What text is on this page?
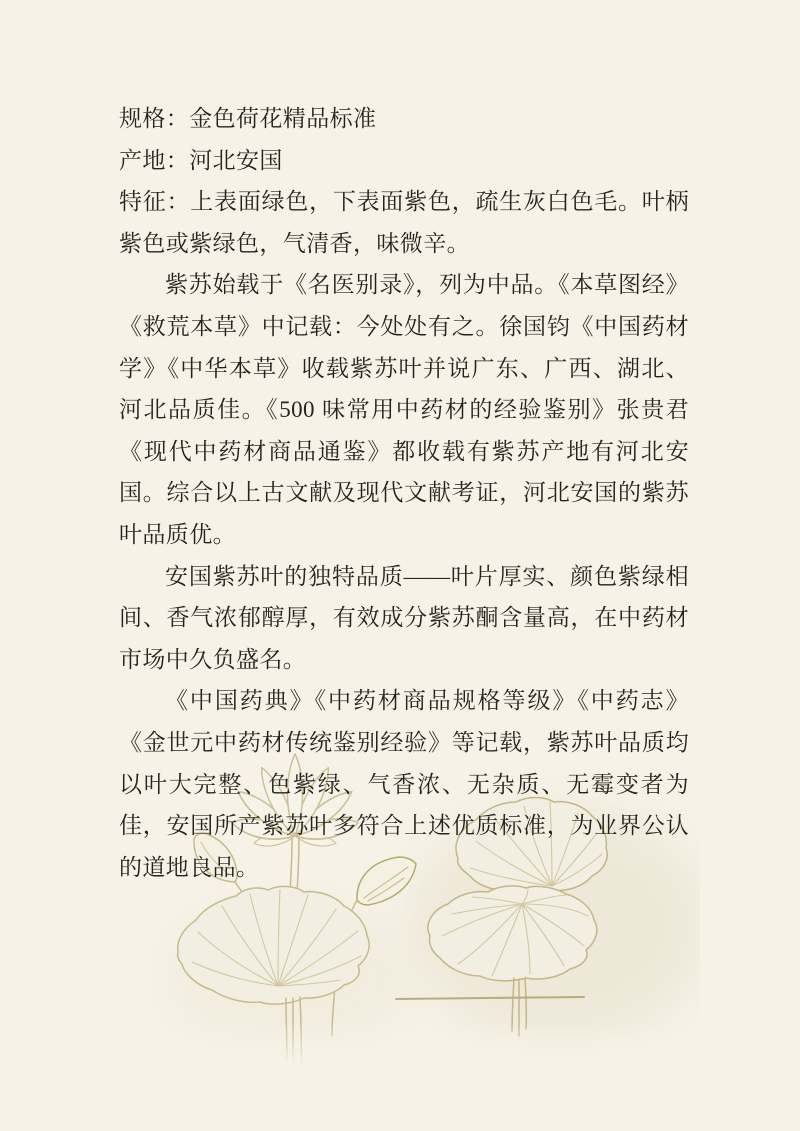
规格：金色荷花精品标准

产地：河北安国

特征：上表面绿色，下表面紫色，疏生灰白色毛。叶柄紫色或紫绿色，气清香，味微辛。

紫苏始载于《名医别录》，列为中品。《本草图经》《救荒本草》中记载：今处处有之。徐国钧《中国药材学》《中华本草》收载紫苏叶并说广东、广西、湖北、河北品质佳。《500 味常用中药材的经验鉴别》张贵君《现代中药材商品通鉴》都收载有紫苏产地有河北安国。综合以上古文献及现代文献考证，河北安国的紫苏叶品质优。

安国紫苏叶的独特品质——叶片厚实、颜色紫绿相间、香气浓郁醇厚，有效成分紫苏酮含量高，在中药材市场中久负盛名。

《中国药典》《中药材商品规格等级》《中药志》《金世元中药材传统鉴别经验》等记载，紫苏叶品质均以叶大完整、色紫绿、气香浓、无杂质、无霉变者为佳，安国所产紫苏叶多符合上述优质标准，为业界公认的道地良品。
